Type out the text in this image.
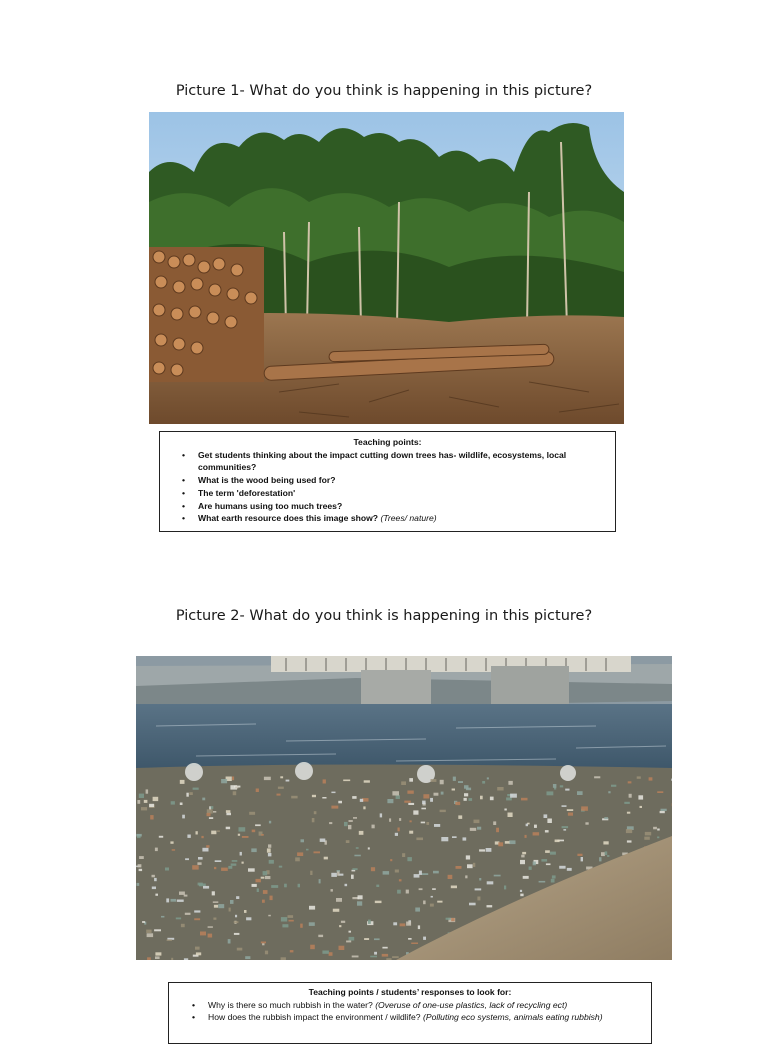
Picture 1- What do you think is happening in this picture?
Teaching points:
• Get students thinking about the impact cutting down trees has- wildlife, ecosystems, local communities?
• What is the wood being used for?
• The term 'deforestation'
• Are humans using too much trees?
• What earth resource does this image show? (Trees/ nature)
Picture 2- What do you think is happening in this picture?
Teaching points / students’ responses to look for:
• Why is there so much rubbish in the water? (Overuse of one-use plastics, lack of recycling ect)
• How does the rubbish impact the environment / wildlife? (Polluting eco systems, animals eating rubbish)
